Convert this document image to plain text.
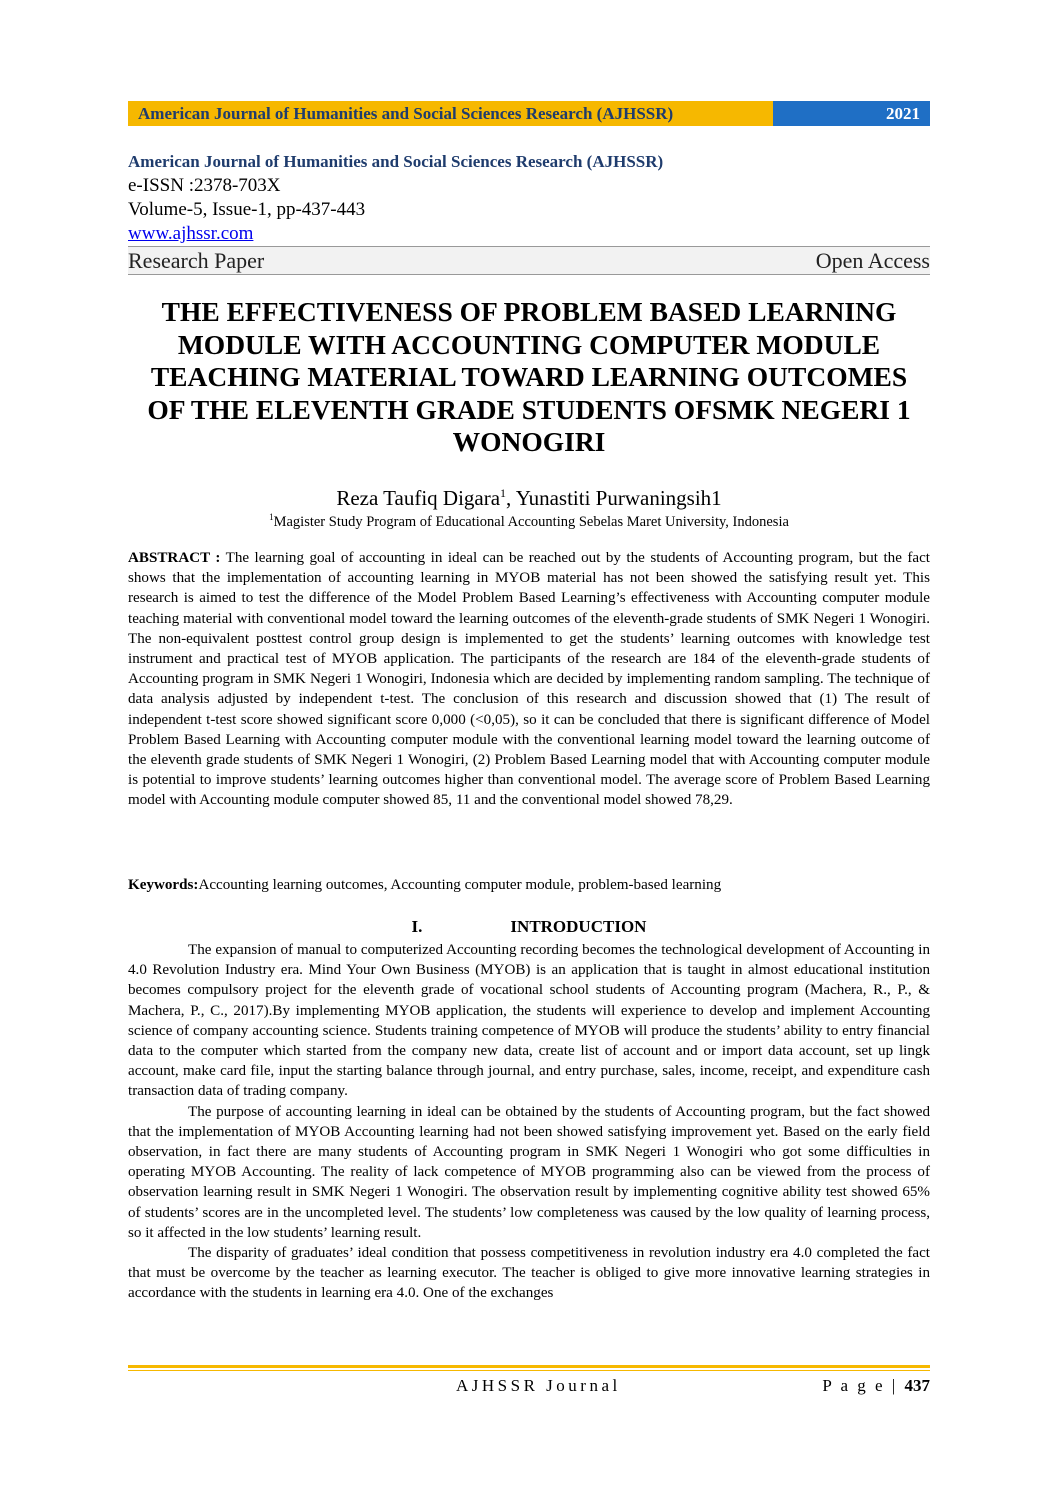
American Journal of Humanities and Social Sciences Research (AJHSSR)	2021
American Journal of Humanities and Social Sciences Research (AJHSSR)
e-ISSN :2378-703X
Volume-5, Issue-1, pp-437-443
www.ajhssr.com
Research Paper	Open Access
THE EFFECTIVENESS OF PROBLEM BASED LEARNING
MODULE WITH ACCOUNTING COMPUTER MODULE
TEACHING MATERIAL TOWARD LEARNING OUTCOMES
OF THE ELEVENTH GRADE STUDENTS OFSMK NEGERI 1
WONOGIRI
Reza Taufiq Digara$^1$, Yunastiti Purwaningsih1
$^1$Magister Study Program of Educational Accounting Sebelas Maret University, Indonesia

ABSTRACT : The learning goal of accounting in ideal can be reached out by the students of Accounting program, but the fact shows that the implementation of accounting learning in MYOB material has not been showed the satisfying result yet. This research is aimed to test the difference of the Model Problem Based Learning’s effectiveness with Accounting computer module teaching material with conventional model toward the learning outcomes of the eleventh-grade students of SMK Negeri 1 Wonogiri. The non-equivalent posttest control group design is implemented to get the students’ learning outcomes with knowledge test instrument and practical test of MYOB application. The participants of the research are 184 of the eleventh-grade students of Accounting program in SMK Negeri 1 Wonogiri, Indonesia which are decided by implementing random sampling. The technique of data analysis adjusted by independent t-test. The conclusion of this research and discussion showed that (1) The result of independent t-test score showed significant score 0,000 (<0,05), so it can be concluded that there is significant difference of Model Problem Based Learning with Accounting computer module with the conventional learning model toward the learning outcome of the eleventh grade students of SMK Negeri 1 Wonogiri, (2) Problem Based Learning model that with Accounting computer module is potential to improve students’ learning outcomes higher than conventional model. The average score of Problem Based Learning model with Accounting module computer showed 85, 11 and the conventional model showed 78,29.

Keywords:Accounting learning outcomes, Accounting computer module, problem-based learning
I.	INTRODUCTION

The expansion of manual to computerized Accounting recording becomes the technological development of Accounting in 4.0 Revolution Industry era. Mind Your Own Business (MYOB) is an application that is taught in almost educational institution becomes compulsory project for the eleventh grade of vocational school students of Accounting program (Machera, R., P., & Machera, P., C., 2017).By implementing MYOB application, the students will experience to develop and implement Accounting science of company accounting science. Students training competence of MYOB will produce the students’ ability to entry financial data to the computer which started from the company new data, create list of account and or import data account, set up lingk account, make card file, input the starting balance through journal, and entry purchase, sales, income, receipt, and expenditure cash transaction data of trading company.

The purpose of accounting learning in ideal can be obtained by the students of Accounting program, but the fact showed that the implementation of MYOB Accounting learning had not been showed satisfying improvement yet. Based on the early field observation, in fact there are many students of Accounting program in SMK Negeri 1 Wonogiri who got some difficulties in operating MYOB Accounting. The reality of lack competence of MYOB programming also can be viewed from the process of observation learning result in SMK Negeri 1 Wonogiri. The observation result by implementing cognitive ability test showed 65% of students’ scores are in the uncompleted level. The students’ low completeness was caused by the low quality of learning process, so it affected in the low students’ learning result.

The disparity of graduates’ ideal condition that possess competitiveness in revolution industry era 4.0 completed the fact that must be overcome by the teacher as learning executor. The teacher is obliged to give more innovative learning strategies in accordance with the students in learning era 4.0. One of the exchanges

AJHSSR Journal	P a g e | 437
